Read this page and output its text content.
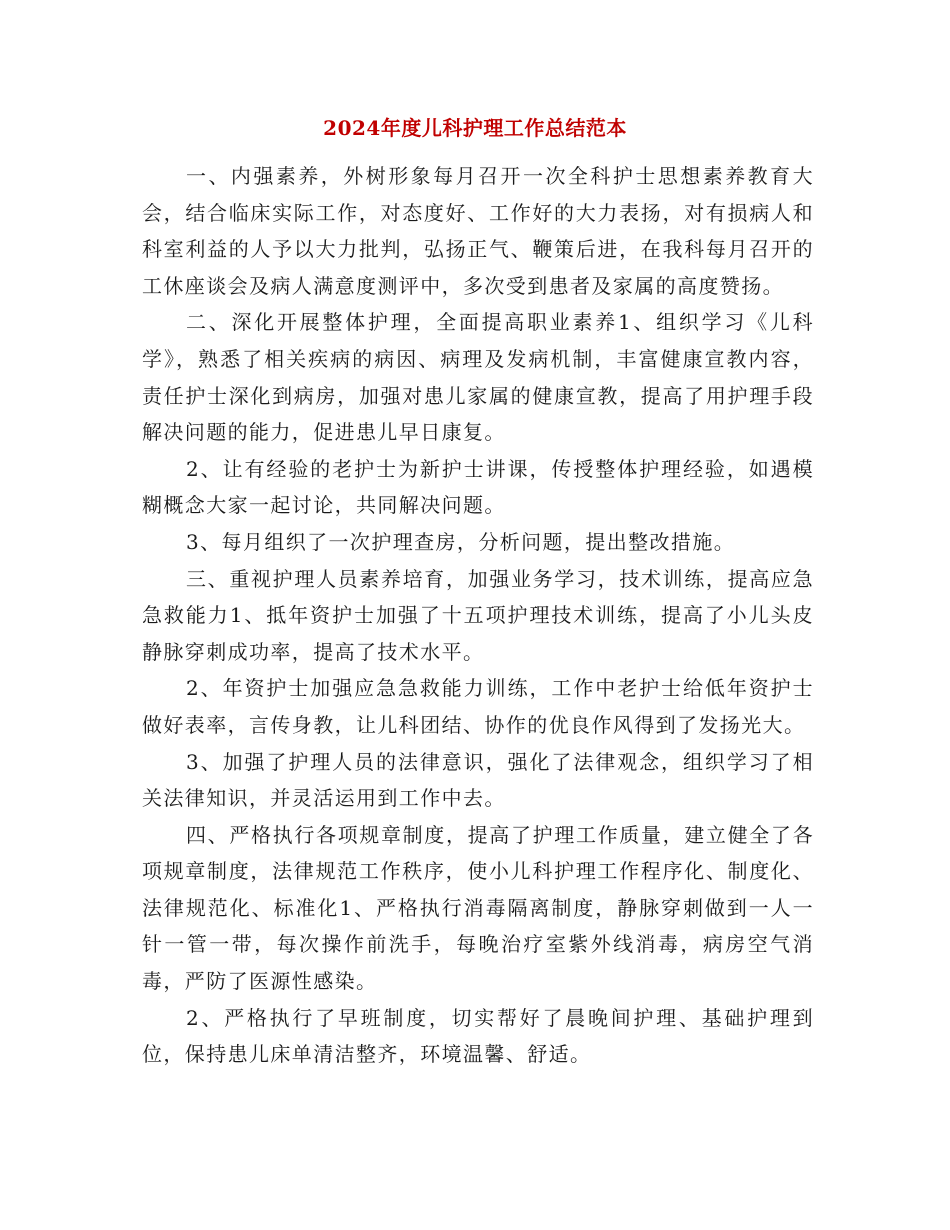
2024年度儿科护理工作总结范本

一、内强素养，外树形象每月召开一次全科护士思想素养教育大会，结合临床实际工作，对态度好、工作好的大力表扬，对有损病人和科室利益的人予以大力批判，弘扬正气、鞭策后进，在我科每月召开的工休座谈会及病人满意度测评中，多次受到患者及家属的高度赞扬。

二、深化开展整体护理，全面提高职业素养1、组织学习《儿科学》，熟悉了相关疾病的病因、病理及发病机制，丰富健康宣教内容，责任护士深化到病房，加强对患儿家属的健康宣教，提高了用护理手段解决问题的能力，促进患儿早日康复。

2、让有经验的老护士为新护士讲课，传授整体护理经验，如遇模糊概念大家一起讨论，共同解决问题。

3、每月组织了一次护理查房，分析问题，提出整改措施。

三、重视护理人员素养培育，加强业务学习，技术训练，提高应急急救能力1、抵年资护士加强了十五项护理技术训练，提高了小儿头皮静脉穿刺成功率，提高了技术水平。

2、年资护士加强应急急救能力训练，工作中老护士给低年资护士做好表率，言传身教，让儿科团结、协作的优良作风得到了发扬光大。

3、加强了护理人员的法律意识，强化了法律观念，组织学习了相关法律知识，并灵活运用到工作中去。

四、严格执行各项规章制度，提高了护理工作质量，建立健全了各项规章制度，法律规范工作秩序，使小儿科护理工作程序化、制度化、法律规范化、标准化1、严格执行消毒隔离制度，静脉穿刺做到一人一针一管一带，每次操作前洗手，每晚治疗室紫外线消毒，病房空气消毒，严防了医源性感染。

2、严格执行了早班制度，切实帮好了晨晚间护理、基础护理到位，保持患儿床单清洁整齐，环境温馨、舒适。
